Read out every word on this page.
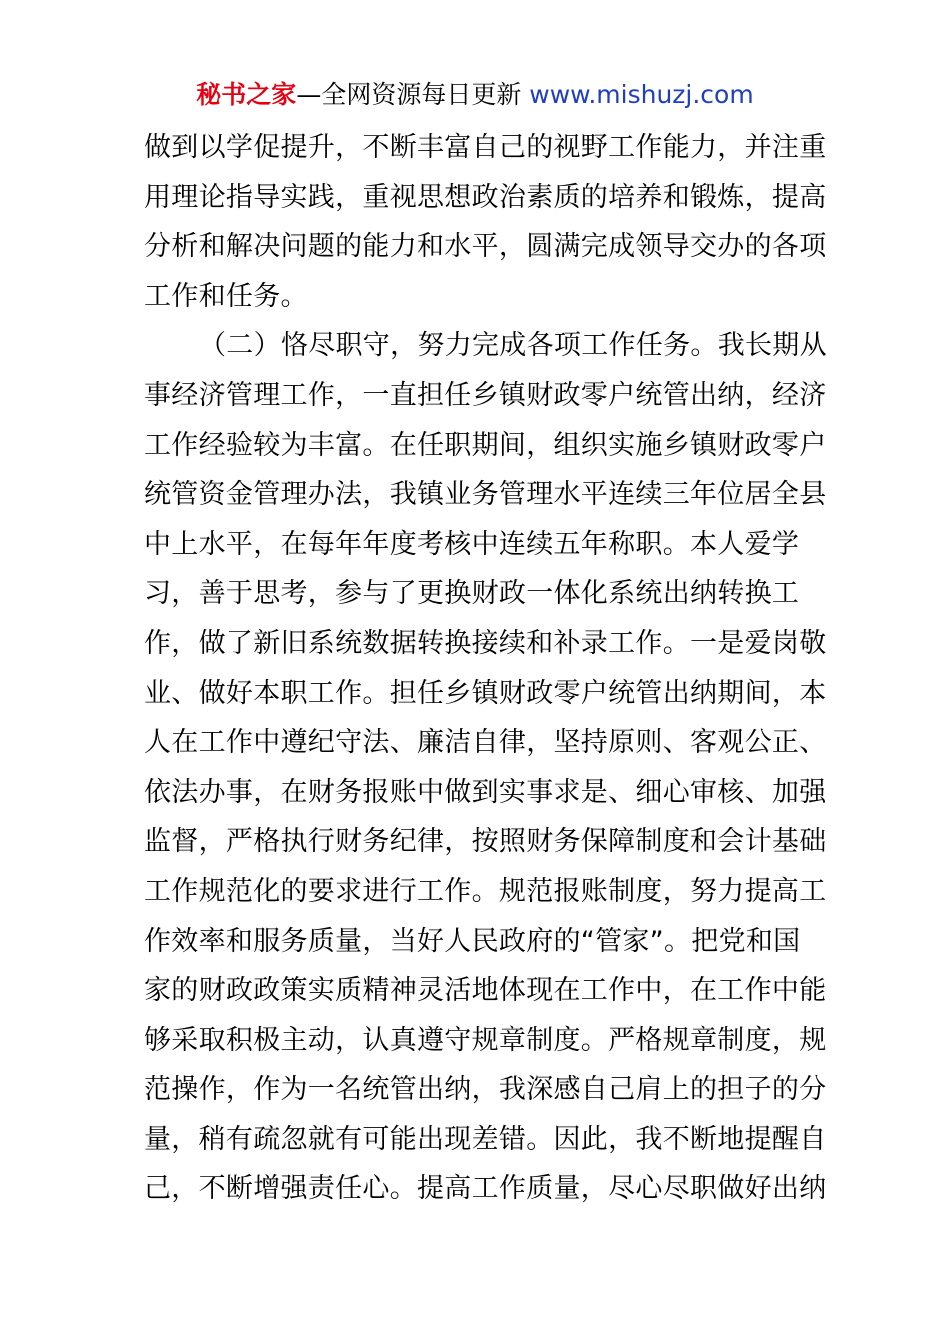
秘书之家—全网资源每日更新 www.mishuzj.com
做到以学促提升，不断丰富自己的视野工作能力，并注重
用理论指导实践，重视思想政治素质的培养和锻炼，提高
分析和解决问题的能力和水平，圆满完成领导交办的各项
工作和任务。
（二）恪尽职守，努力完成各项工作任务。我长期从
事经济管理工作，一直担任乡镇财政零户统管出纳，经济
工作经验较为丰富。在任职期间，组织实施乡镇财政零户
统管资金管理办法，我镇业务管理水平连续三年位居全县
中上水平，在每年年度考核中连续五年称职。本人爱学
习，善于思考，参与了更换财政一体化系统出纳转换工
作，做了新旧系统数据转换接续和补录工作。一是爱岗敬
业、做好本职工作。担任乡镇财政零户统管出纳期间，本
人在工作中遵纪守法、廉洁自律，坚持原则、客观公正、
依法办事，在财务报账中做到实事求是、细心审核、加强
监督，严格执行财务纪律，按照财务保障制度和会计基础
工作规范化的要求进行工作。规范报账制度，努力提高工
作效率和服务质量，当好人民政府的“管家”。把党和国
家的财政政策实质精神灵活地体现在工作中，在工作中能
够采取积极主动，认真遵守规章制度。严格规章制度，规
范操作，作为一名统管出纳，我深感自己肩上的担子的分
量，稍有疏忽就有可能出现差错。因此，我不断地提醒自
己，不断增强责任心。提高工作质量，尽心尽职做好出纳
